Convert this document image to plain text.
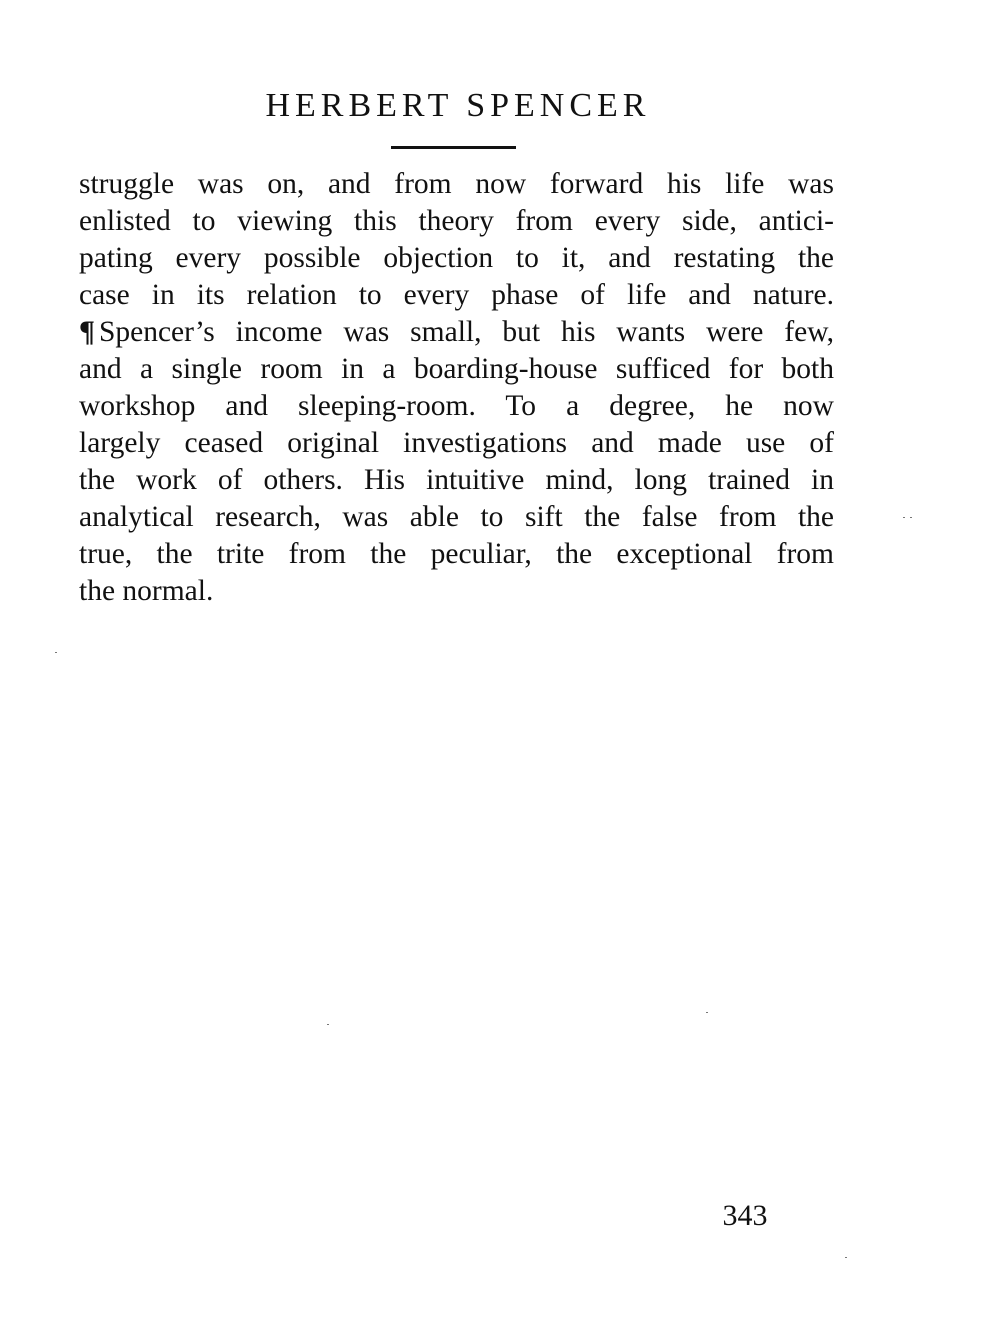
HERBERT SPENCER
struggle was on, and from now forward his life was
enlisted to viewing this theory from every side, antici-
pating every possible objection to it, and restating the
case in its relation to every phase of life and nature.
¶ Spencer’s income was small, but his wants were few,
and a single room in a boarding-house sufficed for both
workshop and sleeping-room. To a degree, he now
largely ceased original investigations and made use of
the work of others. His intuitive mind, long trained in
analytical research, was able to sift the false from the
true, the trite from the peculiar, the exceptional from
the normal.
343
